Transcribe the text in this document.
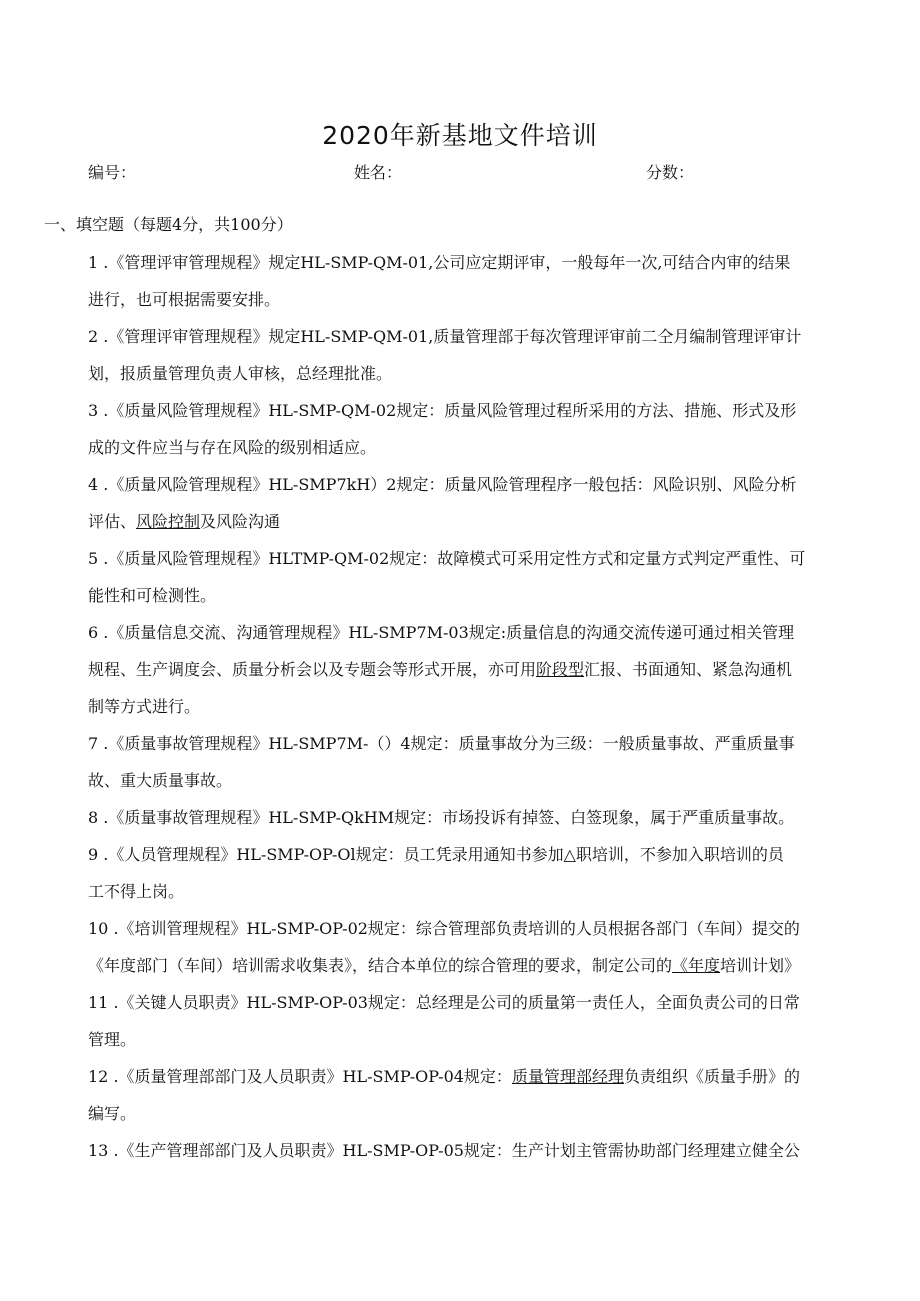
2020年新基地文件培训
编号：	姓名：	分数：
一、填空题（每题4分，共100分）
1 .《管理评审管理规程》规定HL-SMP-QM-01,公司应定期评审，一般每年一次,可结合内审的结果
进行，也可根据需要安排。
2 .《管理评审管理规程》规定HL-SMP-QM-01,质量管理部于每次管理评审前二仝月编制管理评审计
划，报质量管理负责人审核，总经理批准。
3 .《质量风险管理规程》HL-SMP-QM-02规定：质量风险管理过程所采用的方法、措施、形式及形
成的文件应当与存在风险的级别相适应。
4 .《质量风险管理规程》HL-SMP7kH）2规定：质量风险管理程序一般包括：风险识别、风险分析
评估、风险控制及风险沟通
5 .《质量风险管理规程》HLTMP-QM-02规定：故障模式可采用定性方式和定量方式判定严重性、可
能性和可检测性。
6 .《质量信息交流、沟通管理规程》HL-SMP7M-03规定:质量信息的沟通交流传递可通过相关管理
规程、生产调度会、质量分析会以及专题会等形式开展，亦可用阶段型汇报、书面通知、紧急沟通机
制等方式进行。
7 .《质量事故管理规程》HL-SMP7M-（）4规定：质量事故分为三级：一般质量事故、严重质量事
故、重大质量事故。
8 .《质量事故管理规程》HL-SMP-QkHM规定：市场投诉有掉签、白签现象，属于严重质量事故。
9 .《人员管理规程》HL-SMP-OP-Ol规定：员工凭录用通知书参加△职培训，不参加入职培训的员
工不得上岗。
10 .《培训管理规程》HL-SMP-OP-02规定：综合管理部负责培训的人员根据各部门（车间）提交的
《年度部门（车间）培训需求收集表》，结合本单位的综合管理的要求，制定公司的《年度培训计划》
11 .《关键人员职责》HL-SMP-OP-03规定：总经理是公司的质量第一责任人，全面负责公司的日常
管理。
12 .《质量管理部部门及人员职责》HL-SMP-OP-04规定：质量管理部经理负责组织《质量手册》的
编写。
13 .《生产管理部部门及人员职责》HL-SMP-OP-05规定：生产计划主管需协助部门经理建立健全公
